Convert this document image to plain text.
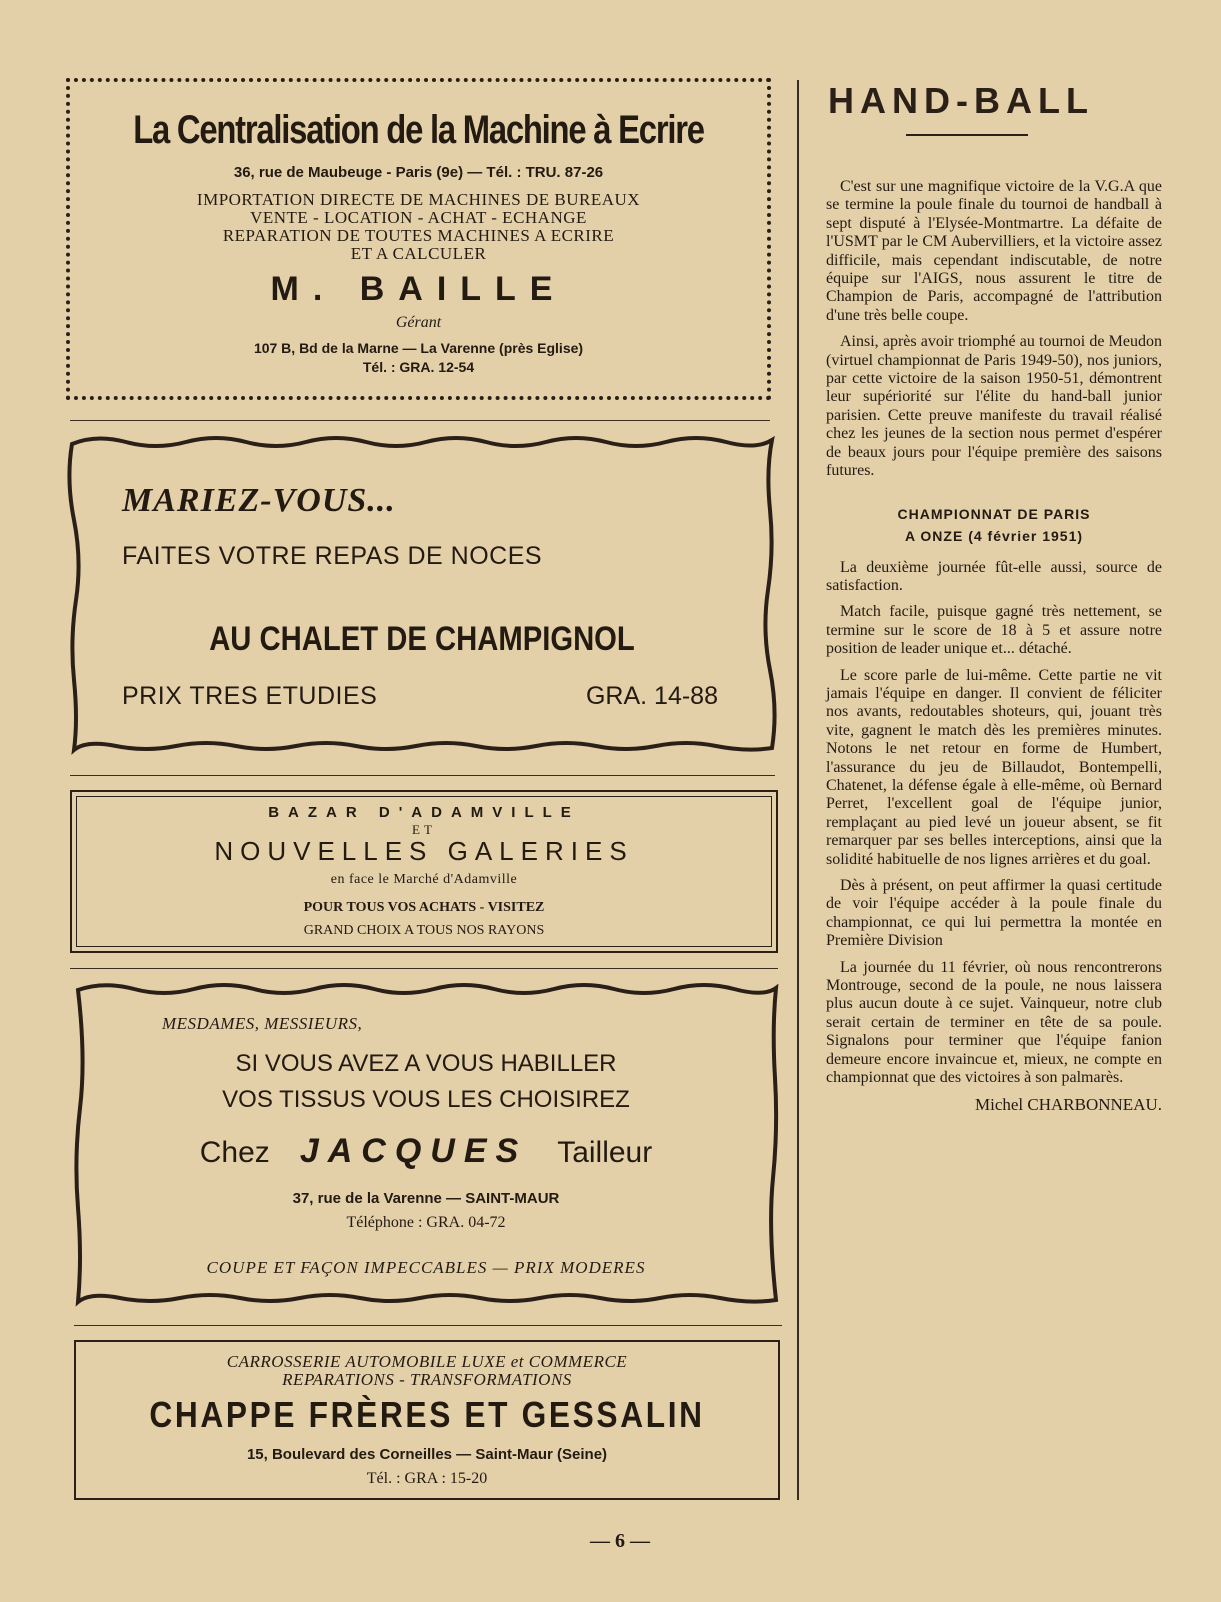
La Centralisation de la Machine à Ecrire
36, rue de Maubeuge - Paris (9e) — Tél. : TRU. 87-26
IMPORTATION DIRECTE DE MACHINES DE BUREAUX
VENTE - LOCATION - ACHAT - ECHANGE
REPARATION DE TOUTES MACHINES A ECRIRE
ET A CALCULER
M. BAILLE
Gérant
107 B, Bd de la Marne — La Varenne (près Eglise)
Tél. : GRA. 12-54
MARIEZ-VOUS...
FAITES VOTRE REPAS DE NOCES
AU CHALET DE CHAMPIGNOL
PRIX TRES ETUDIES	GRA. 14-88
BAZAR D'ADAMVILLE
ET
NOUVELLES GALERIES
en face le Marché d'Adamville
POUR TOUS VOS ACHATS - VISITEZ
GRAND CHOIX A TOUS NOS RAYONS
MESDAMES, MESSIEURS,
SI VOUS AVEZ A VOUS HABILLER
VOS TISSUS VOUS LES CHOISIREZ
Chez JACQUES Tailleur
37, rue de la Varenne — SAINT-MAUR
Téléphone : GRA. 04-72
COUPE ET FAÇON IMPECCABLES — PRIX MODERES
CARROSSERIE AUTOMOBILE LUXE et COMMERCE
REPARATIONS - TRANSFORMATIONS
CHAPPE FRÈRES ET GESSALIN
15, Boulevard des Corneilles — Saint-Maur (Seine)
Tél. : GRA : 15-20
HAND-BALL

C'est sur une magnifique victoire de la V.G.A que se termine la poule finale du tournoi de handball à sept disputé à l'Elysée-Montmartre. La défaite de l'USMT par le CM Aubervilliers, et la victoire assez difficile, mais cependant indiscutable, de notre équipe sur l'AIGS, nous assurent le titre de Champion de Paris, accompagné de l'attribution d'une très belle coupe.

Ainsi, après avoir triomphé au tournoi de Meudon (virtuel championnat de Paris 1949-50), nos juniors, par cette victoire de la saison 1950-51, démontrent leur supériorité sur l'élite du hand-ball junior parisien. Cette preuve manifeste du travail réalisé chez les jeunes de la section nous permet d'espérer de beaux jours pour l'équipe première des saisons futures.

CHAMPIONNAT DE PARIS
A ONZE (4 février 1951)

La deuxième journée fût-elle aussi, source de satisfaction.

Match facile, puisque gagné très nettement, se termine sur le score de 18 à 5 et assure notre position de leader unique et... détaché.

Le score parle de lui-même. Cette partie ne vit jamais l'équipe en danger. Il convient de féliciter nos avants, redoutables shoteurs, qui, jouant très vite, gagnent le match dès les premières minutes. Notons le net retour en forme de Humbert, l'assurance du jeu de Billaudot, Bontempelli, Chatenet, la défense égale à elle-même, où Bernard Perret, l'excellent goal de l'équipe junior, remplaçant au pied levé un joueur absent, se fit remarquer par ses belles interceptions, ainsi que la solidité habituelle de nos lignes arrières et du goal.

Dès à présent, on peut affirmer la quasi certitude de voir l'équipe accéder à la poule finale du championnat, ce qui lui permettra la montée en Première Division

La journée du 11 février, où nous rencontrerons Montrouge, second de la poule, ne nous laissera plus aucun doute à ce sujet. Vainqueur, notre club serait certain de terminer en tête de sa poule. Signalons pour terminer que l'équipe fanion demeure encore invaincue et, mieux, ne compte en championnat que des victoires à son palmarès.

Michel CHARBONNEAU.
— 6 —
